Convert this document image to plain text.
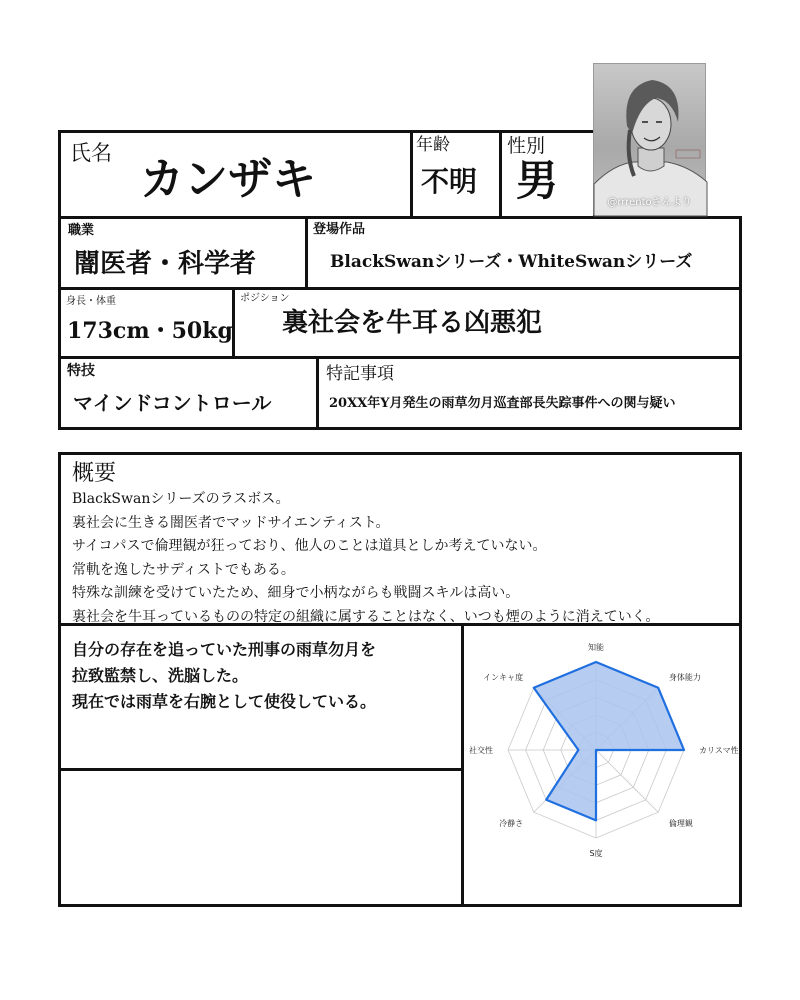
@rrrentoさんより
氏名
カンザキ
年齢
不明
性別
男
職業
闇医者・科学者
登場作品
BlackSwanシリーズ・WhiteSwanシリーズ
身長・体重
173cm・50kg
ポジション
裏社会を牛耳る凶悪犯
特技
マインドコントロール
特記事項
20XX年Y月発生の雨草勿月巡査部長失踪事件への関与疑い
概要
BlackSwanシリーズのラスボス。
裏社会に生きる闇医者でマッドサイエンティスト。
サイコパスで倫理観が狂っており、他人のことは道具としか考えていない。
常軌を逸したサディストでもある。
特殊な訓練を受けていたため、細身で小柄ながらも戦闘スキルは高い。
裏社会を牛耳っているものの特定の組織に属することはなく、いつも煙のように消えていく。
自分の存在を追っていた刑事の雨草勿月を
拉致監禁し、洗脳した。
現在では雨草を右腕として使役している。
知能
身体能力
カリスマ性
倫理観
S度
冷静さ
社交性
インキャ度
